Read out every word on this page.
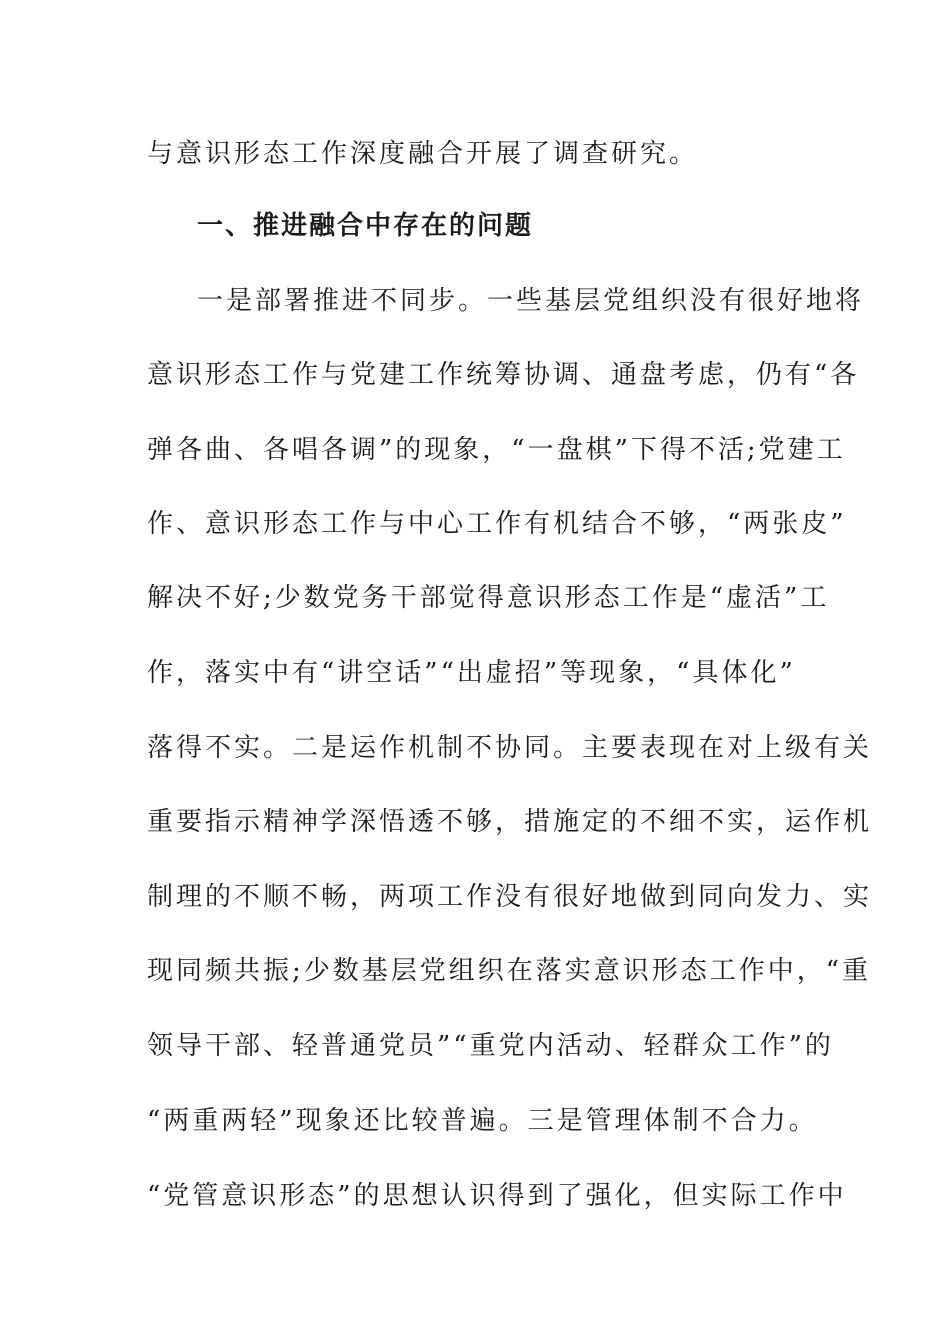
与意识形态工作深度融合开展了调查研究。
一、推进融合中存在的问题
一是部署推进不同步。一些基层党组织没有很好地将
意识形态工作与党建工作统筹协调、通盘考虑，仍有“各
弹各曲、各唱各调”的现象，“一盘棋”下得不活;党建工
作、意识形态工作与中心工作有机结合不够，“两张皮”
解决不好;少数党务干部觉得意识形态工作是“虚活”工
作，落实中有“讲空话”“出虚招”等现象，“具体化”
落得不实。二是运作机制不协同。主要表现在对上级有关
重要指示精神学深悟透不够，措施定的不细不实，运作机
制理的不顺不畅，两项工作没有很好地做到同向发力、实
现同频共振;少数基层党组织在落实意识形态工作中，“重
领导干部、轻普通党员”“重党内活动、轻群众工作”的
“两重两轻”现象还比较普遍。三是管理体制不合力。
“党管意识形态”的思想认识得到了强化，但实际工作中
